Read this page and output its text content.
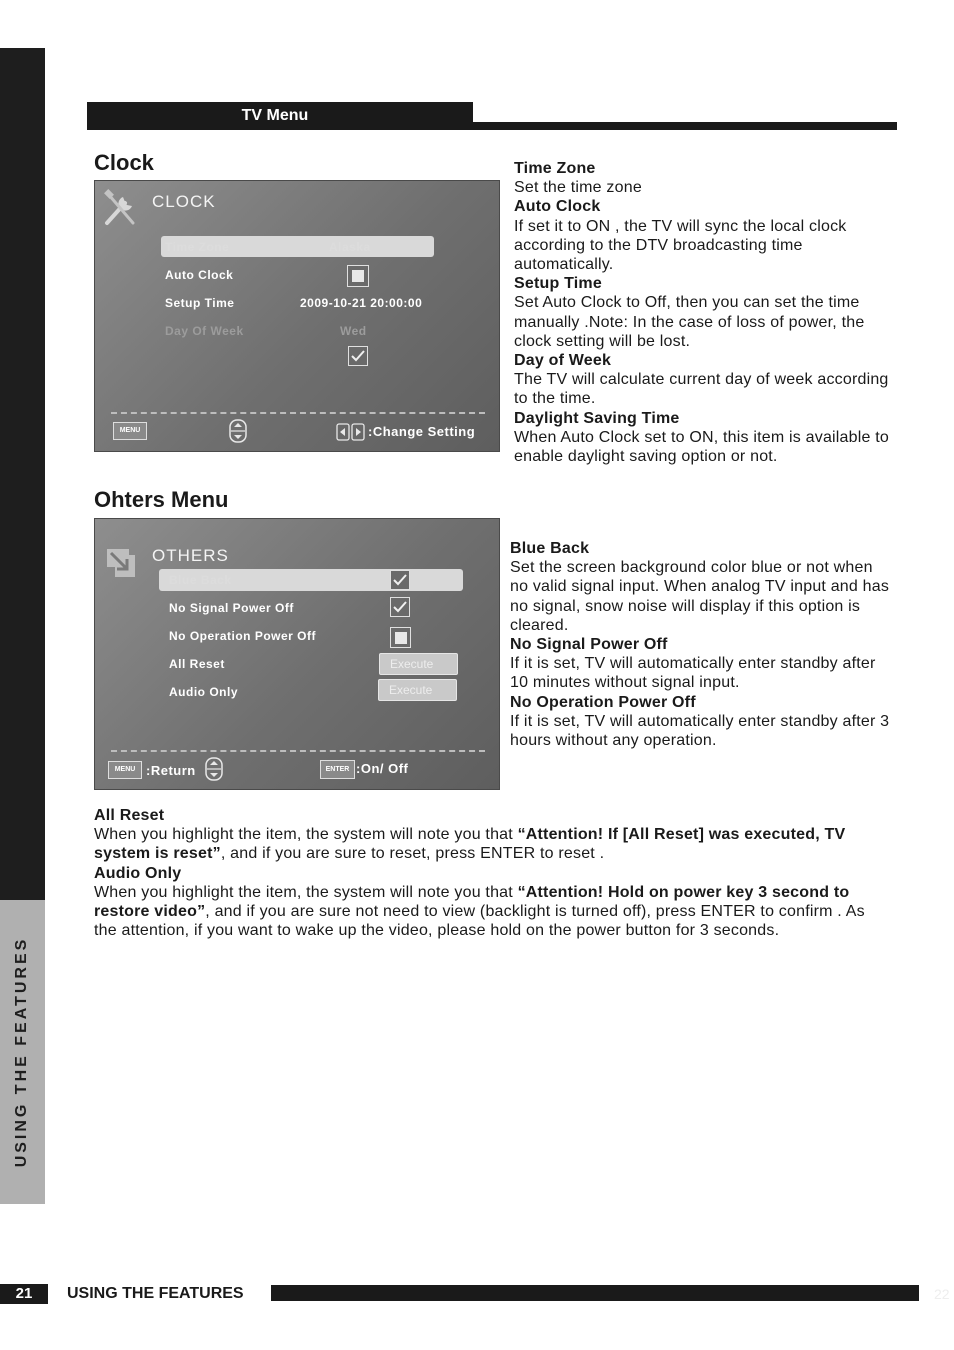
USING THE FEATURES
TV Menu
Clock
CLOCK
Time Zone	Alaska
Auto Clock
Setup Time	2009-10-21 20:00:00
Day Of Week	Wed
MENU	:Change Setting

Time Zone

Set the time zone

Auto Clock

If set it to ON , the TV will sync the local clock according to the DTV broadcasting time automatically.

Setup Time

Set Auto Clock to Off, then you can set the time manually .Note: In the case of loss of power, the clock setting will be lost.

Day of Week

The TV will calculate current day of week according to the time.

Daylight Saving Time

When Auto Clock set to ON, this item is available to enable daylight saving option or not.

Ohters Menu
OTHERS
Blue Back
No Signal Power Off
No Operation Power Off
All Reset	Execute
Audio Only	Execute
MENU :Return	ENTER :On/ Off

Blue Back

Set the screen background color blue or not when no valid signal input. When analog TV input and has no signal, snow noise will display if this option is cleared.

No Signal Power Off

If it is set, TV will automatically enter standby after 10 minutes without signal input.

No Operation Power Off

If it is set, TV will automatically enter standby after 3 hours without any operation.

All Reset

When you highlight the item, the system will note you that “Attention! If [All Reset] was executed, TV system is reset”, and if you are sure to reset, press ENTER to reset .

Audio Only

When you highlight the item, the system will note you that “Attention! Hold on power key 3 second to restore video”, and if you are sure not need to view (backlight is turned off), press ENTER to confirm . As the attention, if you want to wake up the video, please hold on the power button for 3 seconds.

21	USING THE FEATURES	22
